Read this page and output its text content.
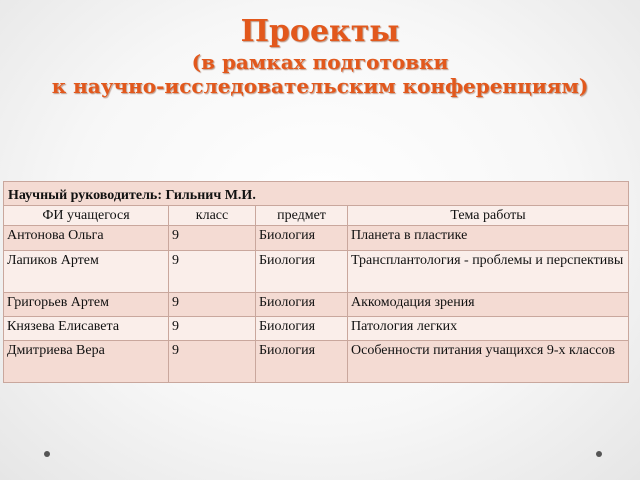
Проекты
(в рамках подготовки
к научно-исследовательским конференциям)
Научный руководитель: Гильнич М.И.			
ФИ учащегося	класс	предмет	Тема работы
Антонова Ольга	9	Биология	Планета в пластике
Лапиков Артем	9	Биология	Трансплантология - проблемы и перспективы
Григорьев Артем	9	Биология	Аккомодация зрения
Князева Елисавета	9	Биология	Патология легких
Дмитриева Вера	9	Биология	Особенности питания учащихся 9-х классов
